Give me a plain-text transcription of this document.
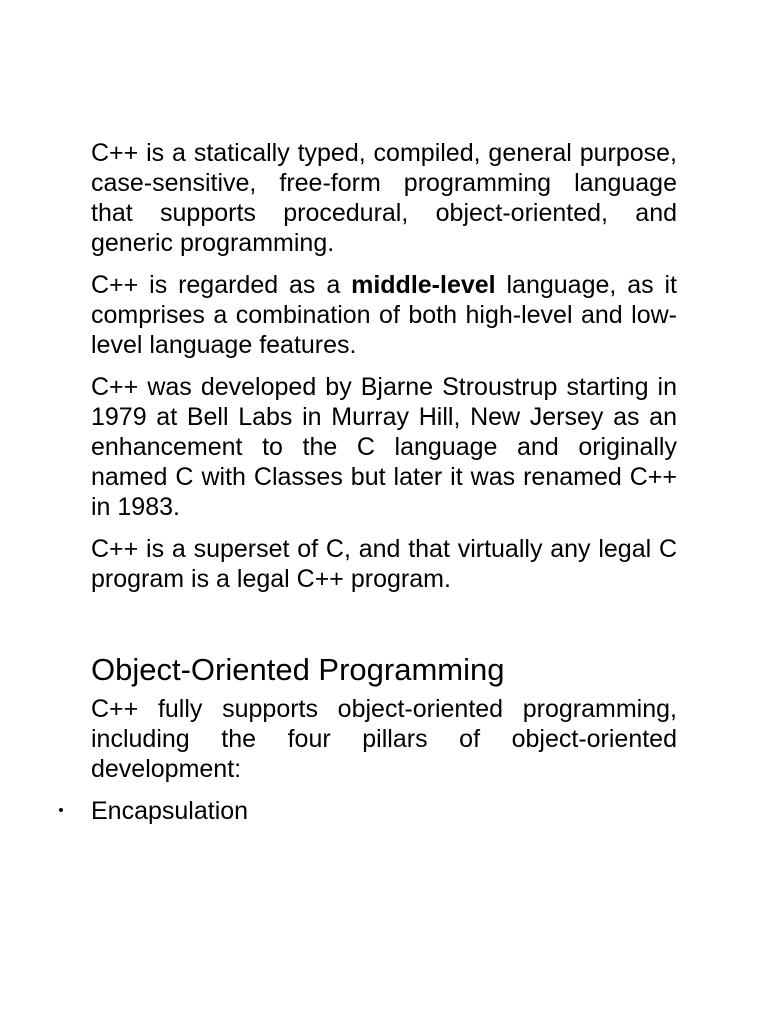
C++ is a statically typed, compiled, general purpose, case-sensitive, free-form programming language that supports procedural, object-oriented, and generic programming.

C++ is regarded as a middle-level language, as it comprises a combination of both high-level and low-level language features.

C++ was developed by Bjarne Stroustrup starting in 1979 at Bell Labs in Murray Hill, New Jersey as an enhancement to the C language and originally named C with Classes but later it was renamed C++ in 1983.

C++ is a superset of C, and that virtually any legal C program is a legal C++ program.

Object-Oriented Programming

C++ fully supports object-oriented programming, including the four pillars of object-oriented development:

Encapsulation
